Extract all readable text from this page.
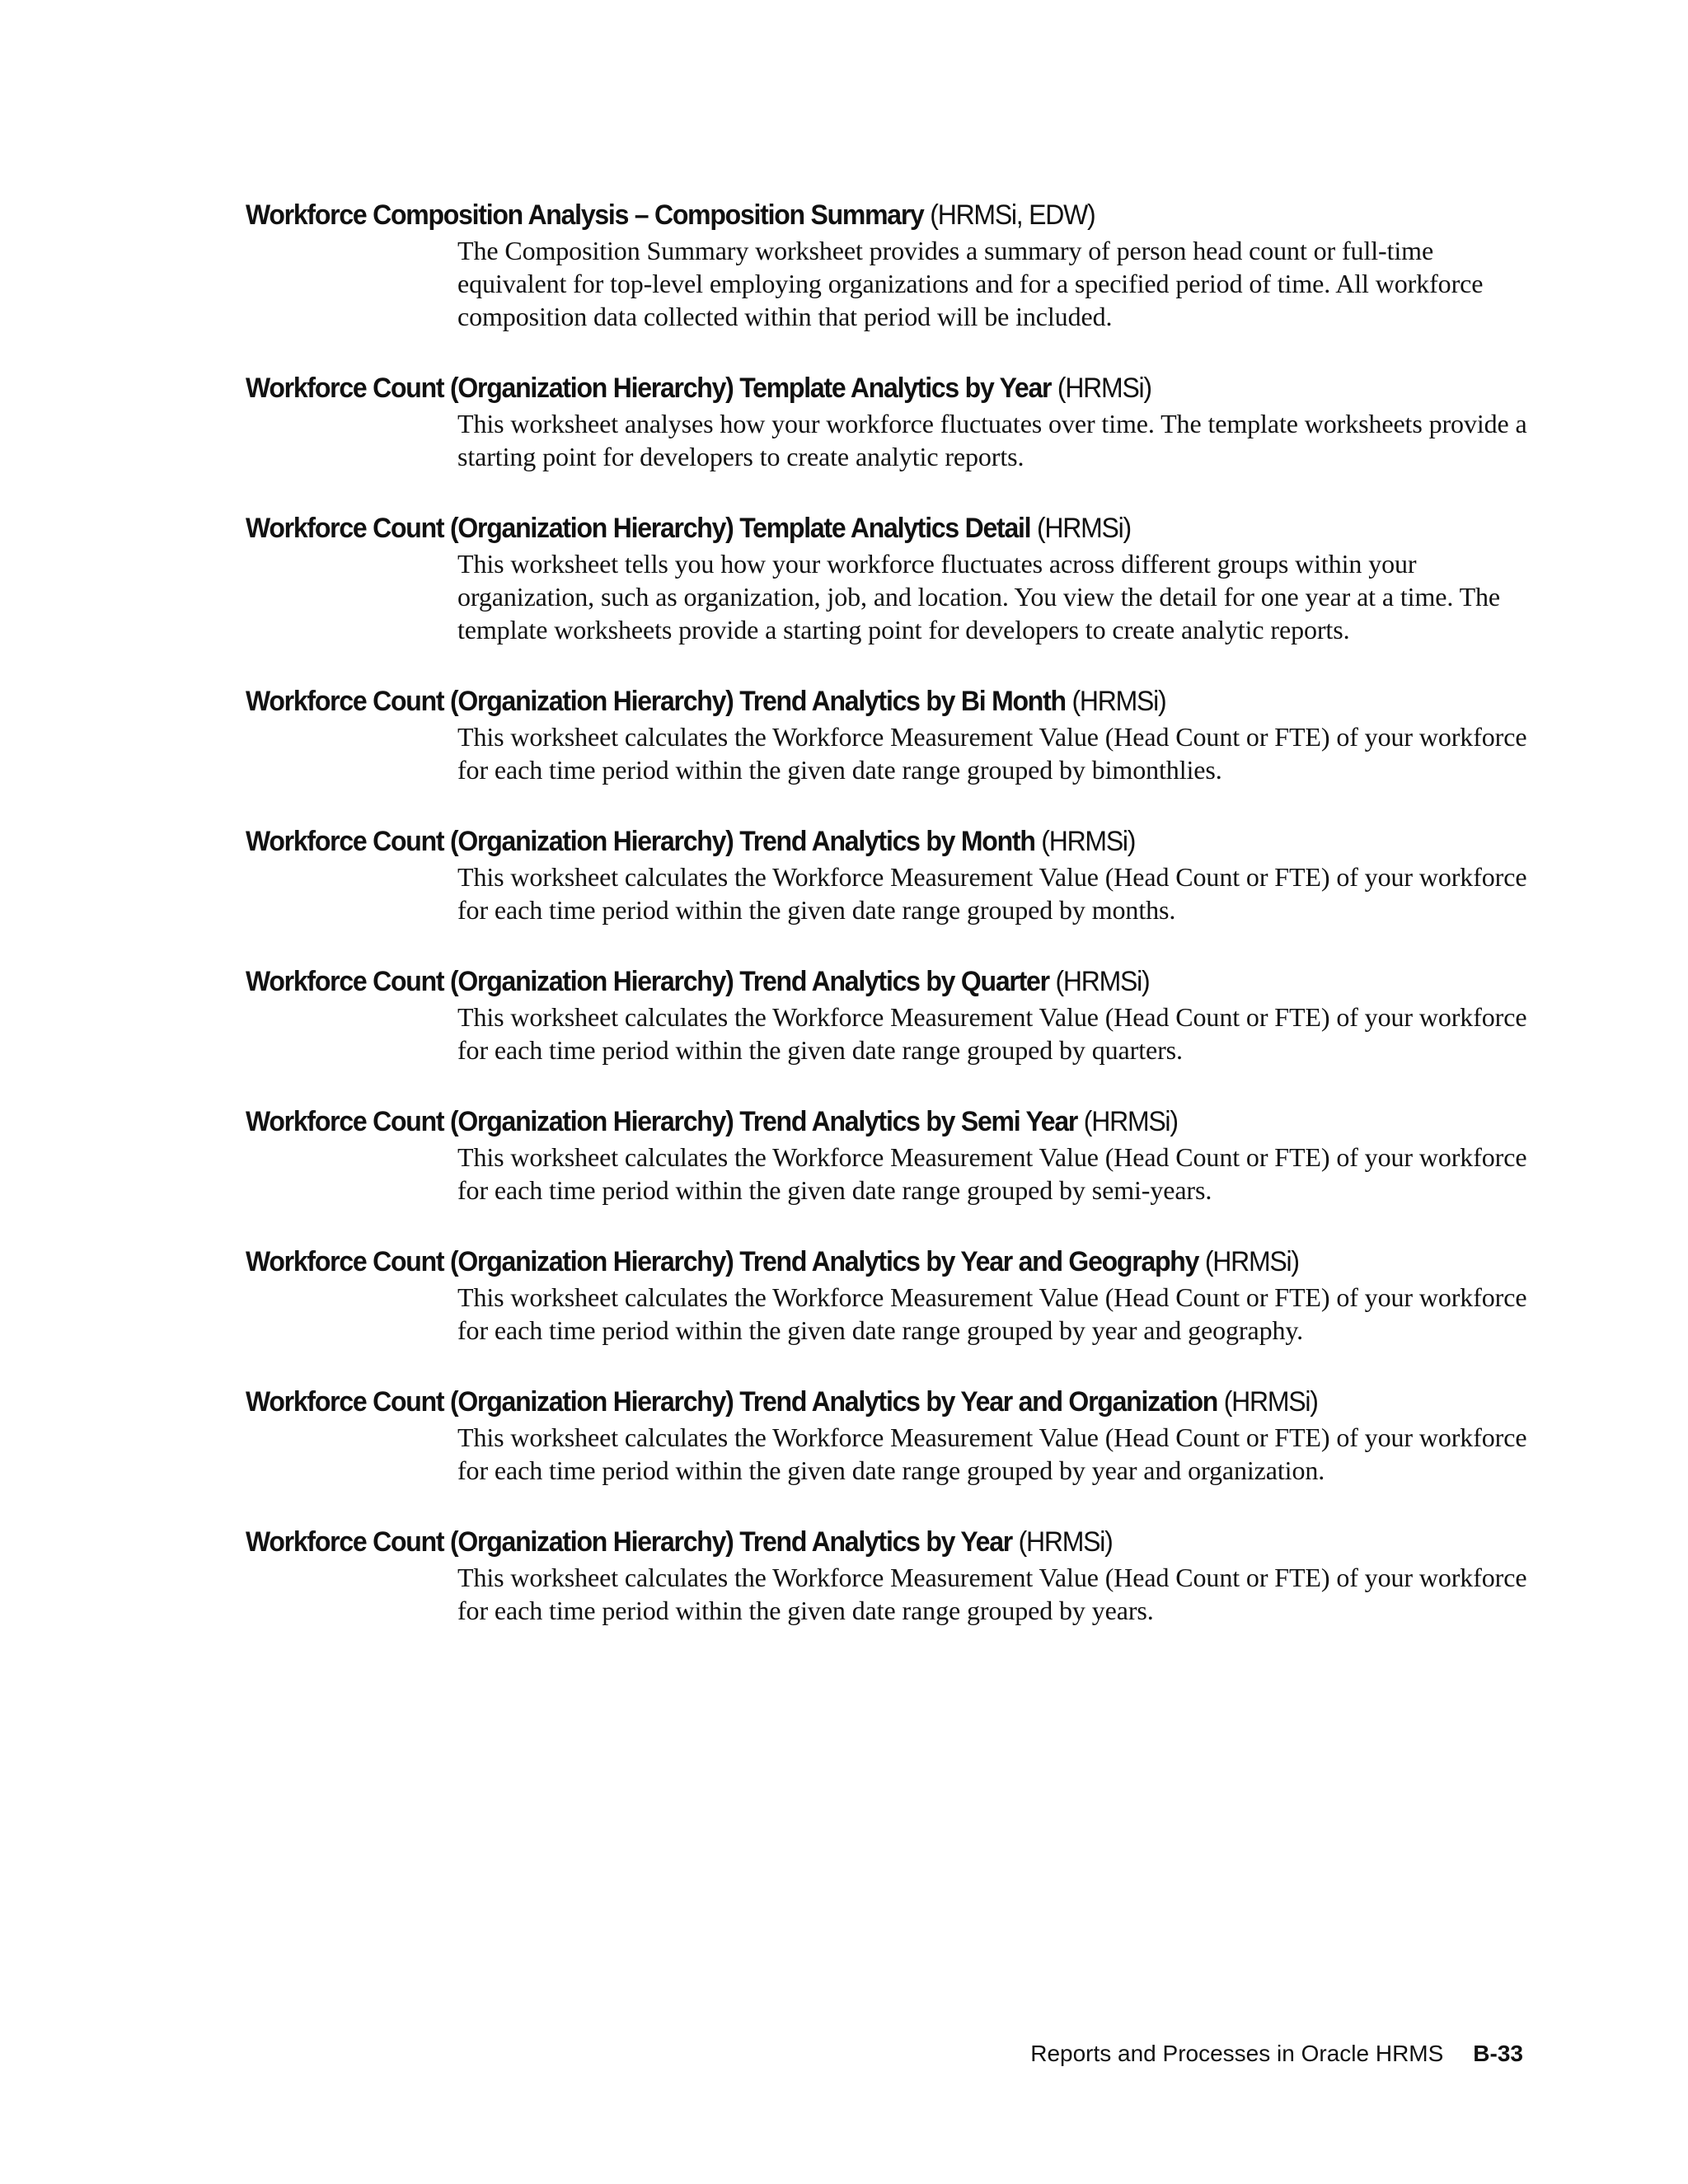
Workforce Composition Analysis – Composition Summary (HRMSi, EDW)
The Composition Summary worksheet provides a summary of person head count or full-time equivalent for top-level employing organizations and for a specified period of time. All workforce composition data collected within that period will be included.
Workforce Count (Organization Hierarchy) Template Analytics by Year (HRMSi)
This worksheet analyses how your workforce fluctuates over time. The template worksheets provide a starting point for developers to create analytic reports.
Workforce Count (Organization Hierarchy) Template Analytics Detail (HRMSi)
This worksheet tells you how your workforce fluctuates across different groups within your organization, such as organization, job, and location. You view the detail for one year at a time. The template worksheets provide a starting point for developers to create analytic reports.
Workforce Count (Organization Hierarchy) Trend Analytics by Bi Month (HRMSi)
This worksheet calculates the Workforce Measurement Value (Head Count or FTE) of your workforce for each time period within the given date range grouped by bimonthlies.
Workforce Count (Organization Hierarchy) Trend Analytics by Month (HRMSi)
This worksheet calculates the Workforce Measurement Value (Head Count or FTE) of your workforce for each time period within the given date range grouped by months.
Workforce Count (Organization Hierarchy) Trend Analytics by Quarter (HRMSi)
This worksheet calculates the Workforce Measurement Value (Head Count or FTE) of your workforce for each time period within the given date range grouped by quarters.
Workforce Count (Organization Hierarchy) Trend Analytics by Semi Year (HRMSi)
This worksheet calculates the Workforce Measurement Value (Head Count or FTE) of your workforce for each time period within the given date range grouped by semi-years.
Workforce Count (Organization Hierarchy) Trend Analytics by Year and Geography (HRMSi)
This worksheet calculates the Workforce Measurement Value (Head Count or FTE) of your workforce for each time period within the given date range grouped by year and geography.
Workforce Count (Organization Hierarchy) Trend Analytics by Year and Organization (HRMSi)
This worksheet calculates the Workforce Measurement Value (Head Count or FTE) of your workforce for each time period within the given date range grouped by year and organization.
Workforce Count (Organization Hierarchy) Trend Analytics by Year (HRMSi)
This worksheet calculates the Workforce Measurement Value (Head Count or FTE) of your workforce for each time period within the given date range grouped by years.
Reports and Processes in Oracle HRMS B-33
